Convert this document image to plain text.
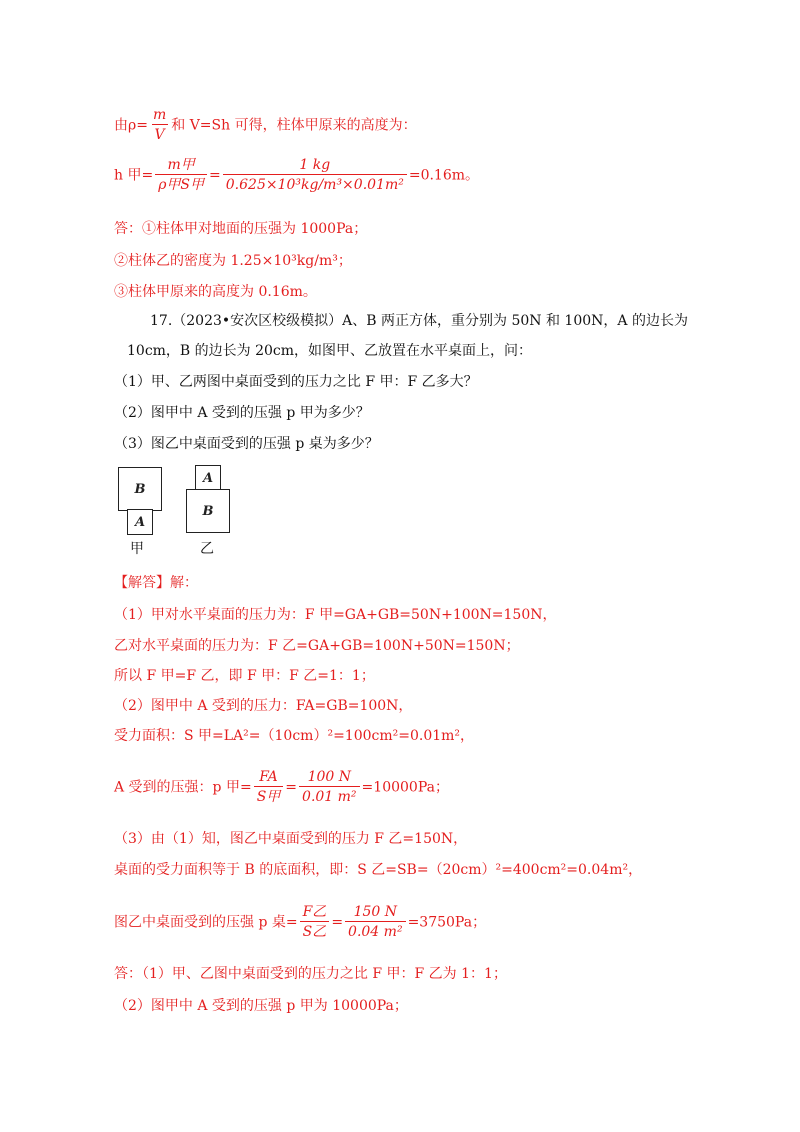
由$\rho= \frac{m}{V}$ 和 V=Sh 可得，柱体甲原来的高度为：
h 甲= $\frac{\text{m甲}}{\text{ρ甲S甲}} = \frac{1 kg}{\text{0.625×10³kg/m³×0.01m²}} =0.16m$。
答：①柱体甲对地面的压强为 1000Pa；
②柱体乙的密度为 1.25×10³kg/m³；
③柱体甲原来的高度为 0.16m。
17.（2023•安次区校级模拟）A、B 两正方体，重分别为 50N 和 100N，A 的边长为
10cm，B 的边长为 20cm，如图甲、乙放置在水平桌面上，问：
（1）甲、乙两图中桌面受到的压力之比 F 甲：F 乙多大？
（2）图甲中 A 受到的压强 p 甲为多少？
（3）图乙中桌面受到的压强 p 桌为多少？
B
A
甲
A
B
乙
【解答】解：
（1）甲对水平桌面的压力为：F 甲=GA+GB=50N+100N=150N，
乙对水平桌面的压力为：F 乙=GA+GB=100N+50N=150N；
所以 F 甲=F 乙，即 F 甲：F 乙=1：1；
（2）图甲中 A 受到的压力：FA=GB=100N，
受力面积：S 甲=LA²=（10cm）²=100cm²=0.01m²，
A 受到的压强：p 甲= $\frac{FA}{\text{S甲}} = \frac{100 N}{\text{0.01 m²}} =10000Pa$；
（3）由（1）知，图乙中桌面受到的压力 F 乙=150N，
桌面的受力面积等于 B 的底面积，即：S 乙=SB=（20cm）²=400cm²=0.04m²，
图乙中桌面受到的压强 p 桌= $\frac{\text{F乙}}{\text{S乙}} = \frac{150 N}{\text{0.04 m²}} =3750Pa$；
答：（1）甲、乙图中桌面受到的压力之比 F 甲：F 乙为 1：1；
（2）图甲中 A 受到的压强 p 甲为 10000Pa；
